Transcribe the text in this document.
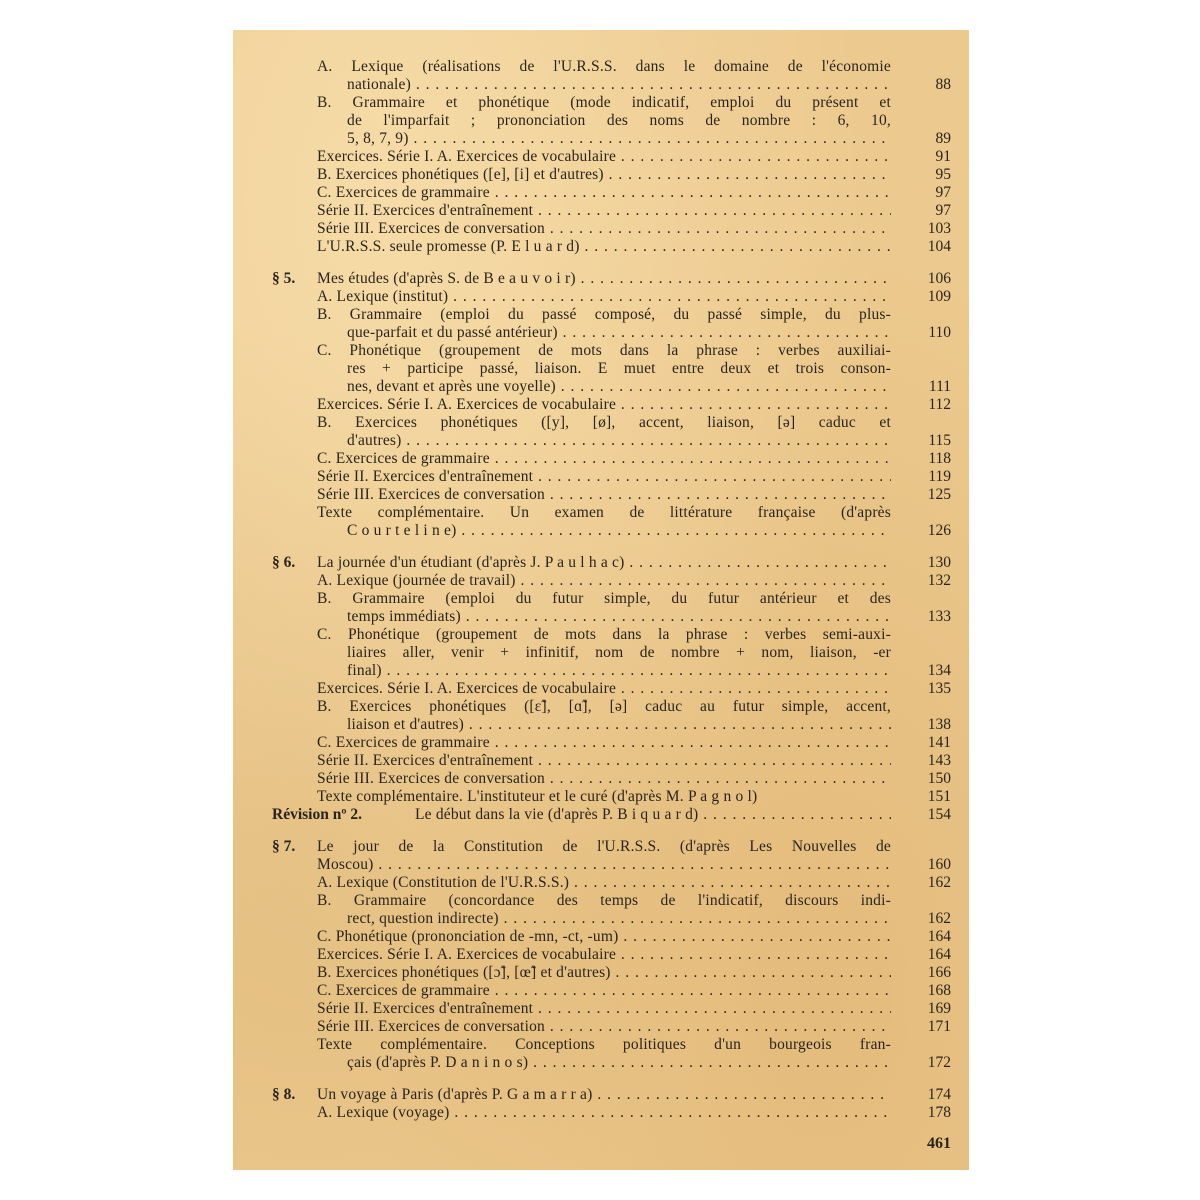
A. Lexique (réalisations de l'U.R.S.S. dans le domaine de l'économie
nationale) . . .	88
B. Grammaire et phonétique (mode indicatif, emploi du présent et
de l'imparfait ; prononciation des noms de nombre : 6, 10,
5, 8, 7, 9) . . .	89
Exercices. Série I. A. Exercices de vocabulaire . . .	91
B. Exercices phonétiques ([e], [i] et d'autres) . . .	95
C. Exercices de grammaire . . .	97
Série II. Exercices d'entraînement . . .	97
Série III. Exercices de conversation . . .	103
L'U.R.S.S. seule promesse (P. E l u a r d) . . .	104
§ 5. Mes études (d'après S. de B e a u v o i r) . . .	106
A. Lexique (institut) . . .	109
B. Grammaire (emploi du passé composé, du passé simple, du plus-
que-parfait et du passé antérieur) . . .	110
C. Phonétique (groupement de mots dans la phrase : verbes auxiliai-
res + participe passé, liaison. E muet entre deux et trois conson-
nes, devant et après une voyelle) . . .	111
Exercices. Série I. A. Exercices de vocabulaire . . .	112
B. Exercices phonétiques ([y], [ø], accent, liaison, [ə] caduc et
d'autres) . . .	115
C. Exercices de grammaire . . .	118
Série II. Exercices d'entraînement . . .	119
Série III. Exercices de conversation . . .	125
Texte complémentaire. Un examen de littérature française (d'après
C o u r t e l i n e) . . .	126
§ 6. La journée d'un étudiant (d'après J. P a u l h a c) . . .	130
A. Lexique (journée de travail) . . .	132
B. Grammaire (emploi du futur simple, du futur antérieur et des
temps immédiats) . . .	133
C. Phonétique (groupement de mots dans la phrase : verbes semi-auxi-
liaires aller, venir + infinitif, nom de nombre + nom, liaison, -er
final) . . .	134
Exercices. Série I. A. Exercices de vocabulaire . . .	135
B. Exercices phonétiques ([ɛ̃], [ɑ̃], [ə] caduc au futur simple, accent,
liaison et d'autres) . . .	138
C. Exercices de grammaire . . .	141
Série II. Exercices d'entraînement . . .	143
Série III. Exercices de conversation . . .	150
Texte complémentaire. L'instituteur et le curé (d'après M. P a g n o l)	151
Révision nº 2.	Le début dans la vie (d'après P. B i q u a r d) . . .	154
§ 7. Le jour de la Constitution de l'U.R.S.S. (d'après Les Nouvelles de
Moscou) . . .	160
A. Lexique (Constitution de l'U.R.S.S.) . . .	162
B. Grammaire (concordance des temps de l'indicatif, discours indi-
rect, question indirecte) . . .	162
C. Phonétique (prononciation de -mn, -ct, -um) . . .	164
Exercices. Série I. A. Exercices de vocabulaire . . .	164
B. Exercices phonétiques ([ɔ̃], [œ̃] et d'autres) . . .	166
C. Exercices de grammaire . . .	168
Série II. Exercices d'entraînement . . .	169
Série III. Exercices de conversation . . .	171
Texte complémentaire. Conceptions politiques d'un bourgeois fran-
çais (d'après P. D a n i n o s) . . .	172
§ 8. Un voyage à Paris (d'après P. G a m a r r a) . . .	174
A. Lexique (voyage) . . .	178
461
